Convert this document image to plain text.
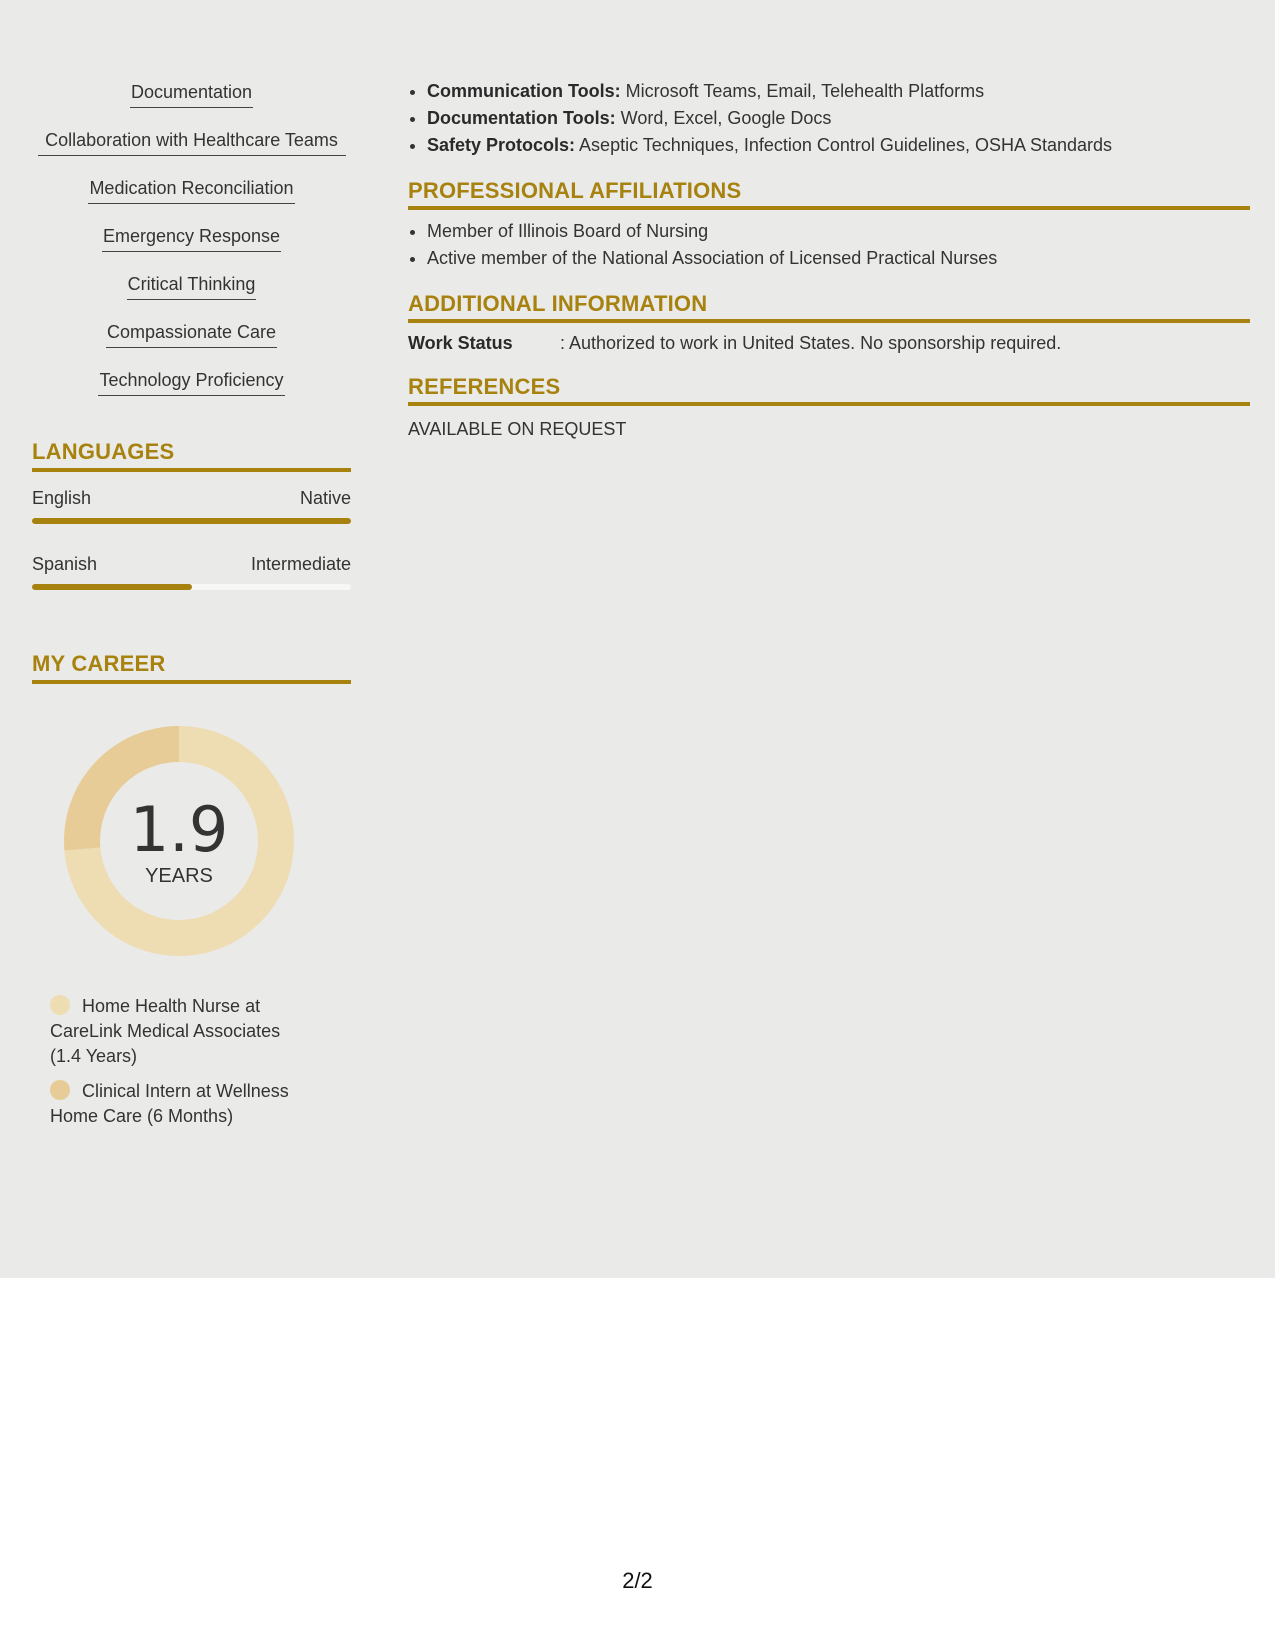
Documentation
Collaboration with Healthcare Teams
Medication Reconciliation
Emergency Response
Critical Thinking
Compassionate Care
Technology Proficiency
LANGUAGES
English	Native
Spanish	Intermediate
MY CAREER
1.9
YEARS
Home Health Nurse at CareLink Medical Associates (1.4 Years)
Clinical Intern at Wellness Home Care (6 Months)
• Communication Tools: Microsoft Teams, Email, Telehealth Platforms
• Documentation Tools: Word, Excel, Google Docs
• Safety Protocols: Aseptic Techniques, Infection Control Guidelines, OSHA Standards
PROFESSIONAL AFFILIATIONS
• Member of Illinois Board of Nursing
• Active member of the National Association of Licensed Practical Nurses
ADDITIONAL INFORMATION
Work Status	: Authorized to work in United States. No sponsorship required.
REFERENCES
AVAILABLE ON REQUEST
2/2
